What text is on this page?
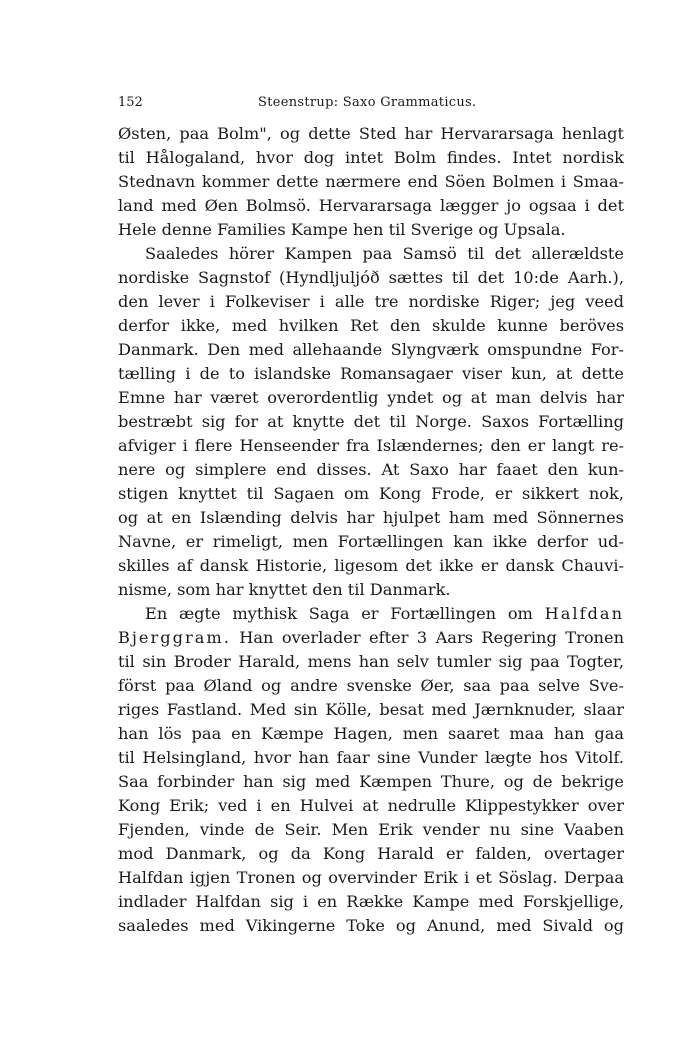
152	Steenstrup: Saxo Grammaticus.
Østen, paa Bolm", og dette Sted har Hervararsaga henlagt
til Hålogaland, hvor dog intet Bolm findes. Intet nordisk
Stednavn kommer dette nærmere end Söen Bolmen i Smaa-
land med Øen Bolmsö. Hervararsaga lægger jo ogsaa i det
Hele denne Families Kampe hen til Sverige og Upsala.
Saaledes hörer Kampen paa Samsö til det allerældste
nordiske Sagnstof (Hyndljuljóð sættes til det 10:de Aarh.),
den lever i Folkeviser i alle tre nordiske Riger; jeg veed
derfor ikke, med hvilken Ret den skulde kunne beröves
Danmark. Den med allehaande Slyngværk omspundne For-
tælling i de to islandske Romansagaer viser kun, at dette
Emne har været overordentlig yndet og at man delvis har
bestræbt sig for at knytte det til Norge. Saxos Fortælling
afviger i flere Henseender fra Islændernes; den er langt re-
nere og simplere end disses. At Saxo har faaet den kun-
stigen knyttet til Sagaen om Kong Frode, er sikkert nok,
og at en Islænding delvis har hjulpet ham med Sönnernes
Navne, er rimeligt, men Fortællingen kan ikke derfor ud-
skilles af dansk Historie, ligesom det ikke er dansk Chauvi-
nisme, som har knyttet den til Danmark.
En ægte mythisk Saga er Fortællingen om Halfdan
Bjerggram. Han overlader efter 3 Aars Regering Tronen
til sin Broder Harald, mens han selv tumler sig paa Togter,
först paa Øland og andre svenske Øer, saa paa selve Sve-
riges Fastland. Med sin Kölle, besat med Jærnknuder, slaar
han lös paa en Kæmpe Hagen, men saaret maa han gaa
til Helsingland, hvor han faar sine Vunder lægte hos Vitolf.
Saa forbinder han sig med Kæmpen Thure, og de bekrige
Kong Erik; ved i en Hulvei at nedrulle Klippestykker over
Fjenden, vinde de Seir. Men Erik vender nu sine Vaaben
mod Danmark, og da Kong Harald er falden, overtager
Halfdan igjen Tronen og overvinder Erik i et Söslag. Derpaa
indlader Halfdan sig i en Række Kampe med Forskjellige,
saaledes med Vikingerne Toke og Anund, med Sivald og
